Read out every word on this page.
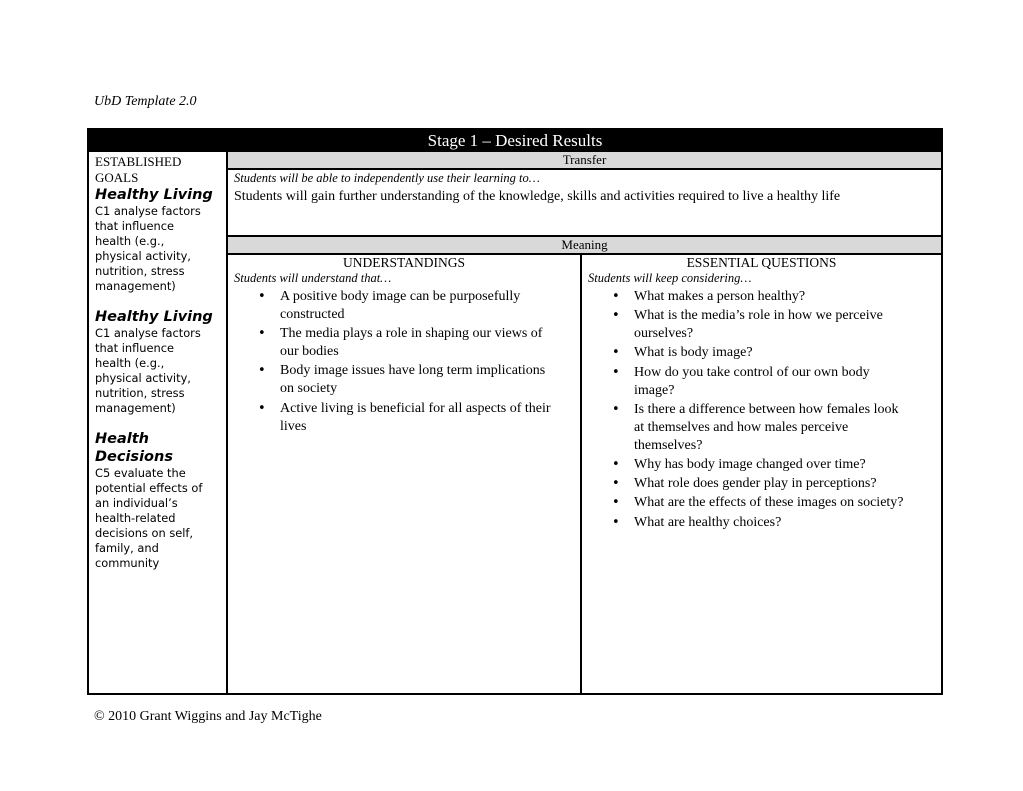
UbD Template 2.0
Stage 1 – Desired Results
ESTABLISHED
GOALS
Healthy Living
C1 analyse factors
that influence
health (e.g.,
physical activity,
nutrition, stress
management)
Healthy Living
C1 analyse factors
that influence
health (e.g.,
physical activity,
nutrition, stress
management)
Health
Decisions
C5 evaluate the
potential effects of
an individual’s
health-related
decisions on self,
family, and
community
Transfer
Students will be able to independently use their learning to…
Students will gain further understanding of the knowledge, skills and activities required to live a healthy life
Meaning
UNDERSTANDINGS
Students will understand that…
• A positive body image can be purposefully
constructed
• The media plays a role in shaping our views of
our bodies
• Body image issues have long term implications
on society
• Active living is beneficial for all aspects of their
lives
ESSENTIAL QUESTIONS
Students will keep considering…
• What makes a person healthy?
• What is the media’s role in how we perceive
ourselves?
• What is body image?
• How do you take control of our own body
image?
• Is there a difference between how females look
at themselves and how males perceive
themselves?
• Why has body image changed over time?
• What role does gender play in perceptions?
• What are the effects of these images on society?
• What are healthy choices?
© 2010 Grant Wiggins and Jay McTighe
